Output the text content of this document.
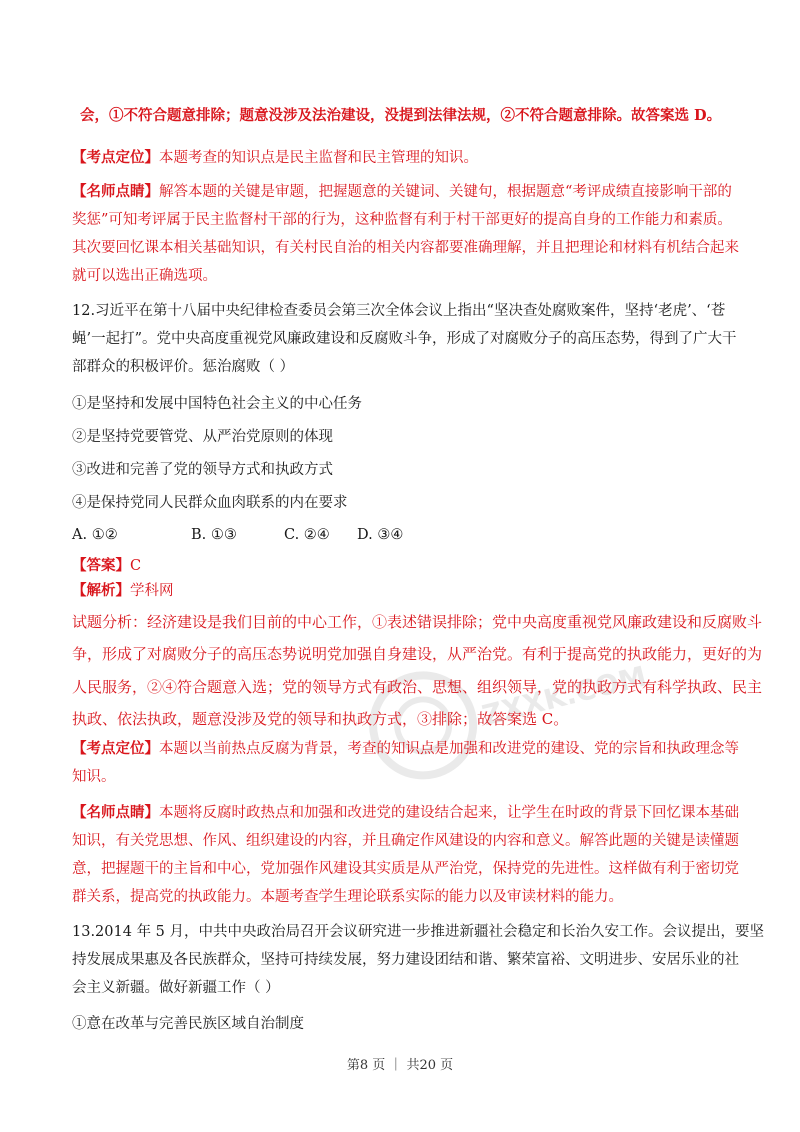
ZXXK.COM
会，①不符合题意排除；题意没涉及法治建设，没提到法律法规，②不符合题意排除。故答案选 D。
【考点定位】本题考查的知识点是民主监督和民主管理的知识。
【名师点睛】解答本题的关键是审题，把握题意的关键词、关键句，根据题意“考评成绩直接影响干部的
奖惩”可知考评属于民主监督村干部的行为，这种监督有利于村干部更好的提高自身的工作能力和素质。
其次要回忆课本相关基础知识，有关村民自治的相关内容都要准确理解，并且把理论和材料有机结合起来
就可以选出正确选项。
12.习近平在第十八届中央纪律检查委员会第三次全体会议上指出“坚决查处腐败案件，坚持‘老虎’、‘苍
蝇’一起打”。党中央高度重视党风廉政建设和反腐败斗争，形成了对腐败分子的高压态势，得到了广大干
部群众的积极评价。惩治腐败（ ）
①是坚持和发展中国特色社会主义的中心任务
②是坚持党要管党、从严治党原则的体现
③改进和完善了党的领导方式和执政方式
④是保持党同人民群众血肉联系的内在要求
A. ①②	B. ①③	C. ②④ D. ③④
【答案】C
【解析】学科网
试题分析：经济建设是我们目前的中心工作，①表述错误排除；党中央高度重视党风廉政建设和反腐败斗
争，形成了对腐败分子的高压态势说明党加强自身建设，从严治党。有利于提高党的执政能力，更好的为
人民服务，②④符合题意入选；党的领导方式有政治、思想、组织领导，党的执政方式有科学执政、民主
执政、依法执政，题意没涉及党的领导和执政方式，③排除；故答案选 C。
【考点定位】本题以当前热点反腐为背景，考查的知识点是加强和改进党的建设、党的宗旨和执政理念等
知识。
【名师点睛】本题将反腐时政热点和加强和改进党的建设结合起来，让学生在时政的背景下回忆课本基础
知识，有关党思想、作风、组织建设的内容，并且确定作风建设的内容和意义。解答此题的关键是读懂题
意，把握题干的主旨和中心，党加强作风建设其实质是从严治党，保持党的先进性。这样做有利于密切党
群关系，提高党的执政能力。本题考查学生理论联系实际的能力以及审读材料的能力。
13.2014 年 5 月，中共中央政治局召开会议研究进一步推进新疆社会稳定和长治久安工作。会议提出，要坚
持发展成果惠及各民族群众，坚持可持续发展，努力建设团结和谐、繁荣富裕、文明进步、安居乐业的社
会主义新疆。做好新疆工作（ ）
①意在改革与完善民族区域自治制度
第8 页 ｜ 共20 页
